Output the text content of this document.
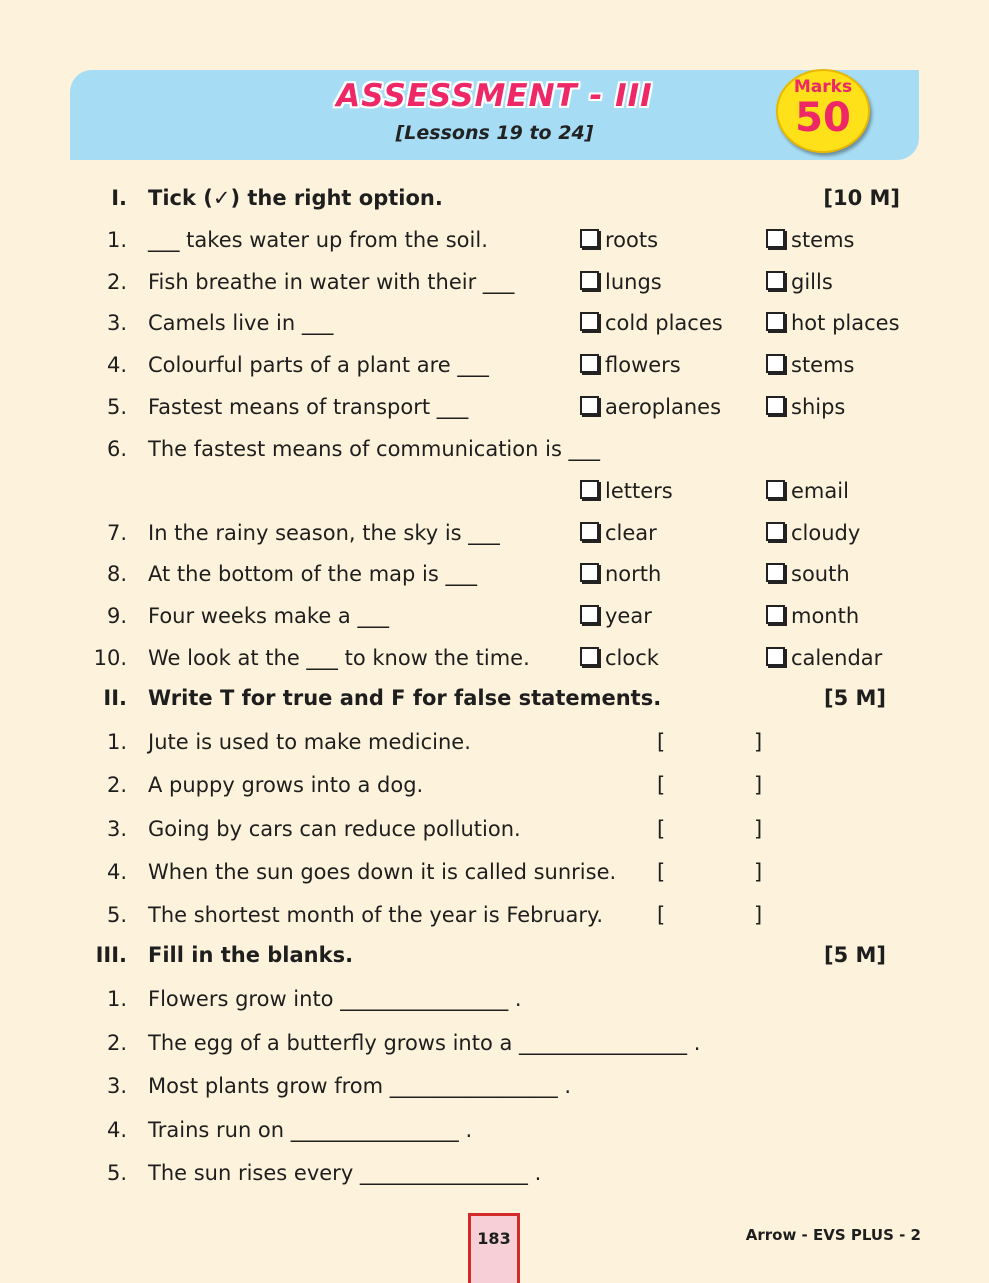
ASSESSMENT - III
[Lessons 19 to 24]
Marks
50
I. Tick (✓) the right option.	[10 M]
1. ___ takes water up from the soil.	roots	stems
2. Fish breathe in water with their ___	lungs	gills
3. Camels live in ___	cold places	hot places
4. Colourful parts of a plant are ___	flowers	stems
5. Fastest means of transport ___	aeroplanes	ships
6. The fastest means of communication is ___
letters	email
7. In the rainy season, the sky is ___	clear	cloudy
8. At the bottom of the map is ___	north	south
9. Four weeks make a ___	year	month
10. We look at the ___ to know the time.	clock	calendar
II. Write T for true and F for false statements.	[5 M]
1. Jute is used to make medicine.	[	]
2. A puppy grows into a dog.	[	]
3. Going by cars can reduce pollution.	[	]
4. When the sun goes down it is called sunrise. [	]
5. The shortest month of the year is February.	[	]
III. Fill in the blanks.	[5 M]
1. Flowers grow into ________________ .
2. The egg of a butterfly grows into a ________________ .
3. Most plants grow from ________________ .
4. Trains run on ________________ .
5. The sun rises every ________________ .
183	Arrow - EVS PLUS - 2
